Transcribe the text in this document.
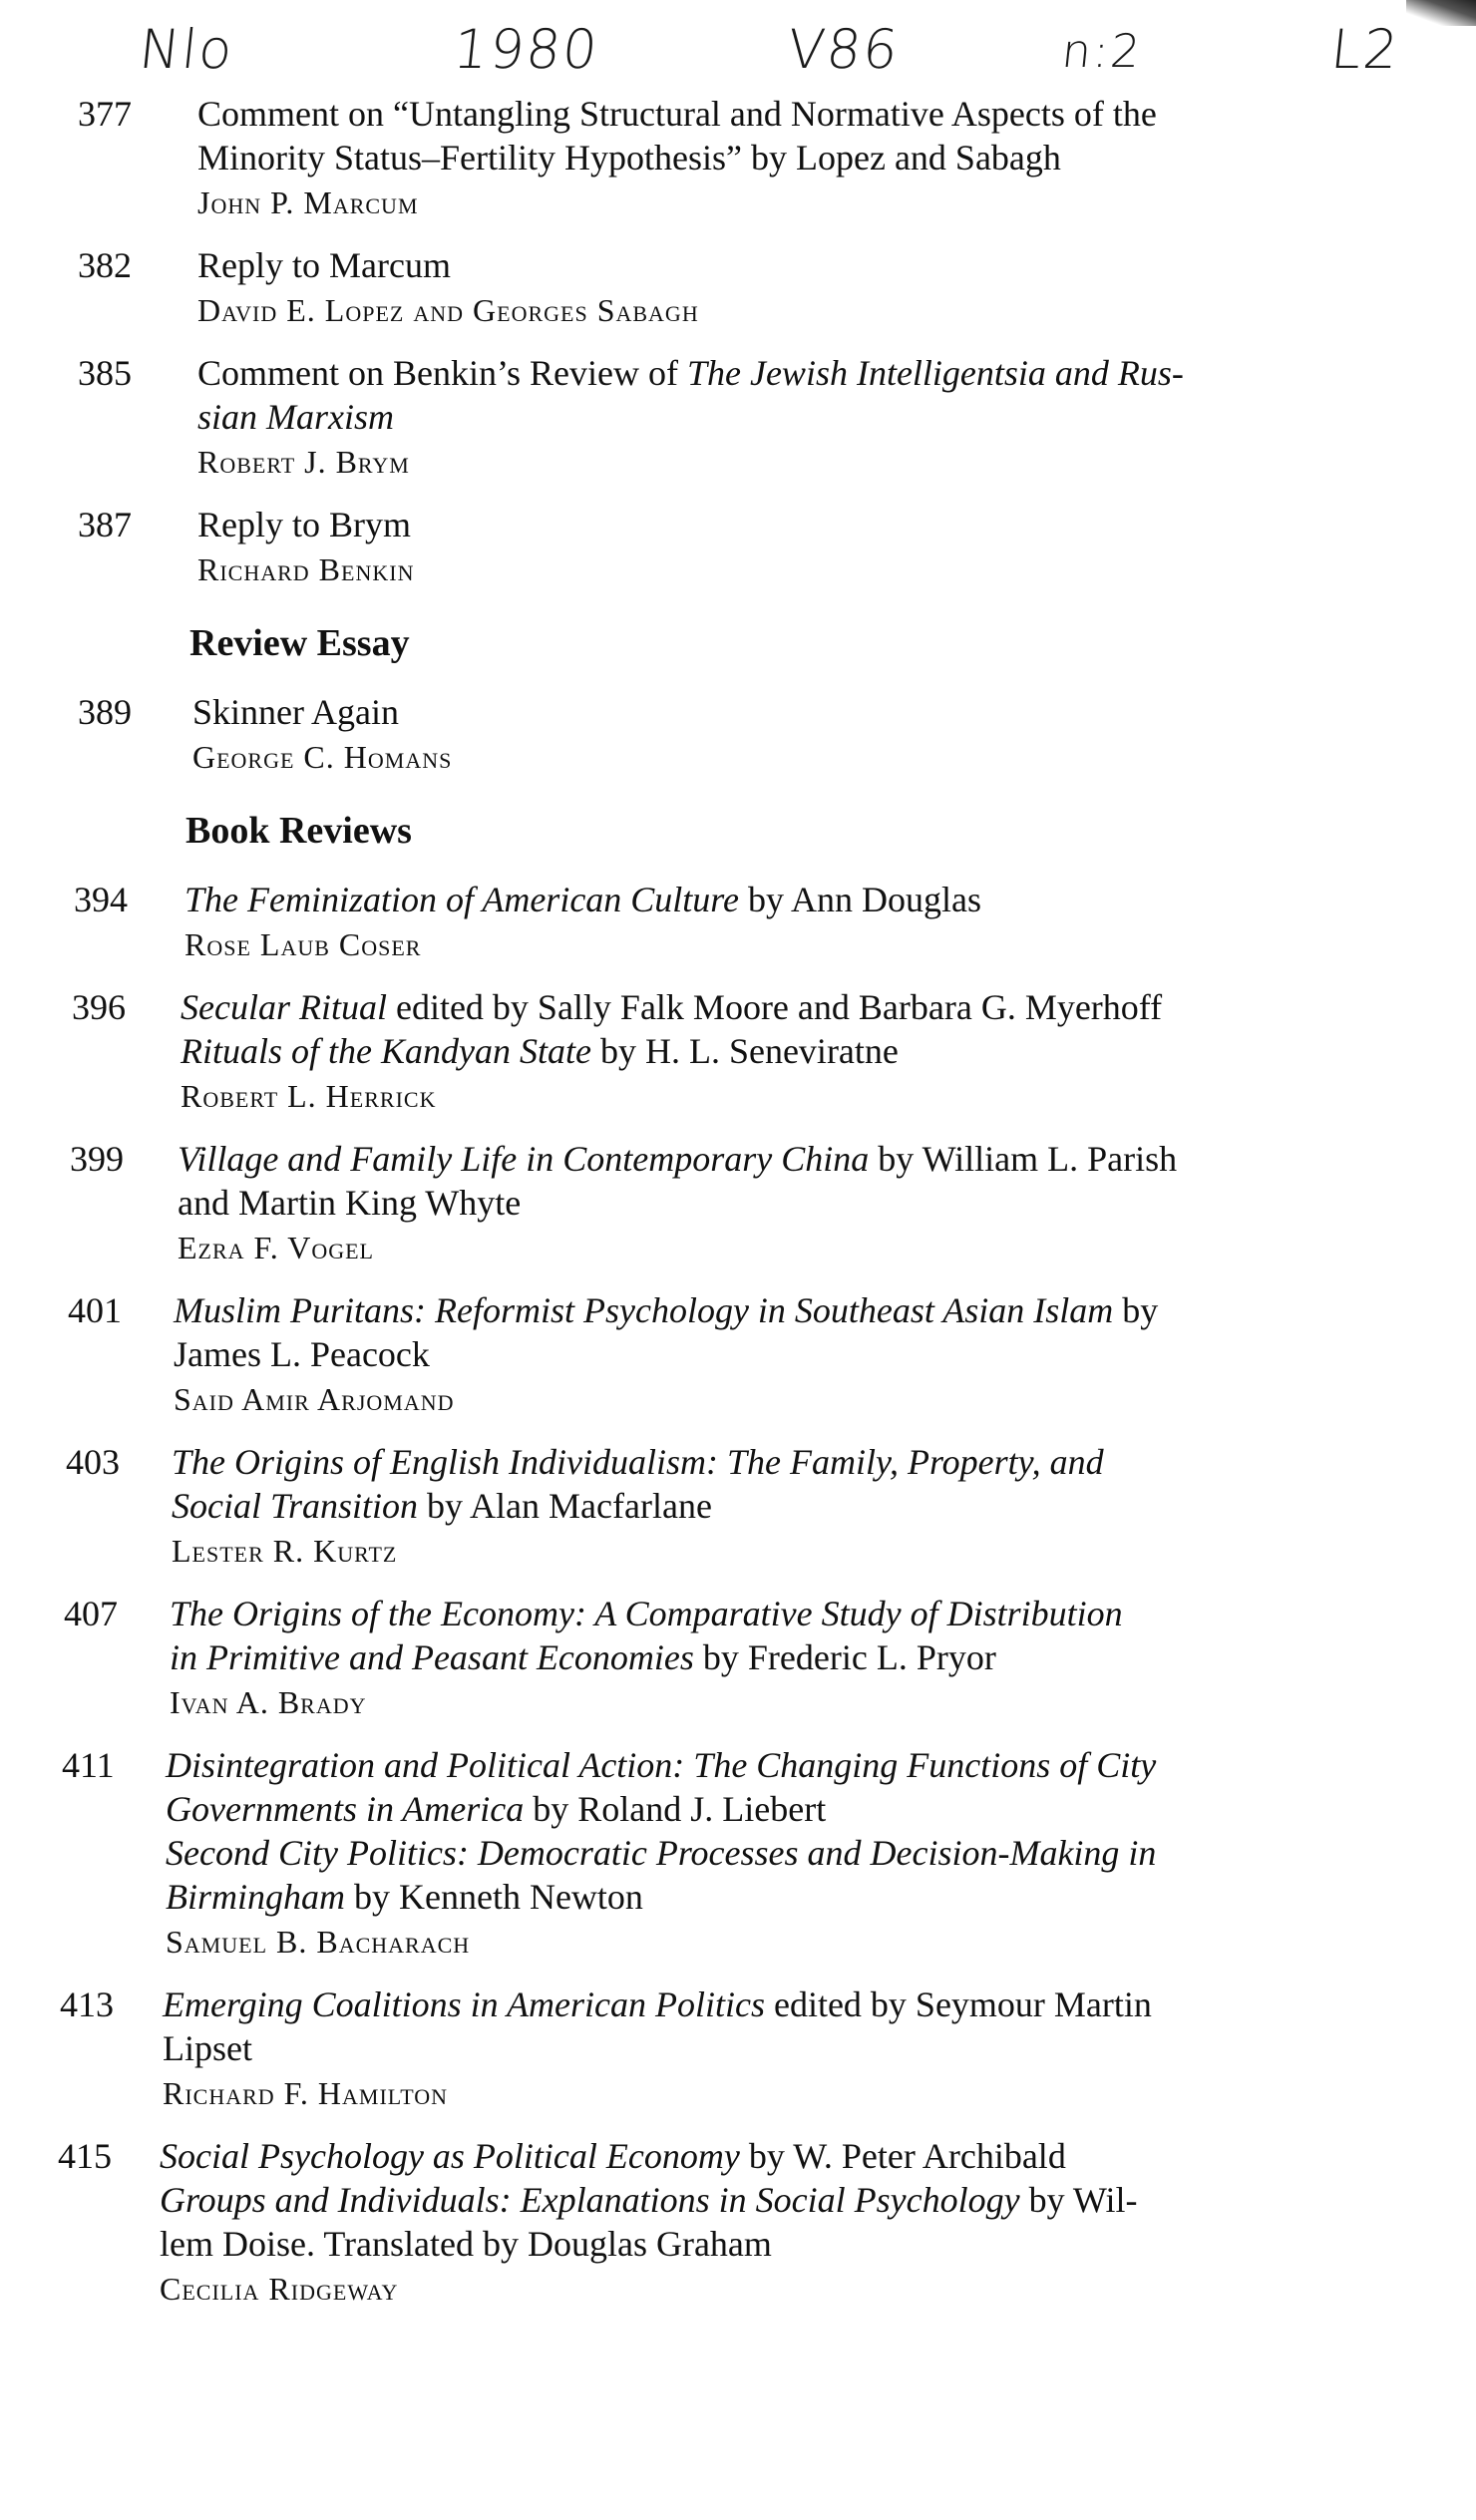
Nlo	1980	V86	n:2	L2
377 Comment on “Untangling Structural and Normative Aspects of the
Minority Status–Fertility Hypothesis” by Lopez and Sabagh
John P. Marcum
382 Reply to Marcum
David E. Lopez and Georges Sabagh
385 Comment on Benkin’s Review of The Jewish Intelligentsia and Rus-
sian Marxism
Robert J. Brym
387 Reply to Brym
Richard Benkin
Review Essay
389 Skinner Again
George C. Homans
Book Reviews
394 The Feminization of American Culture by Ann Douglas
Rose Laub Coser
396 Secular Ritual edited by Sally Falk Moore and Barbara G. Myerhoff
Rituals of the Kandyan State by H. L. Seneviratne
Robert L. Herrick
399 Village and Family Life in Contemporary China by William L. Parish
and Martin King Whyte
Ezra F. Vogel
401 Muslim Puritans: Reformist Psychology in Southeast Asian Islam by
James L. Peacock
Said Amir Arjomand
403 The Origins of English Individualism: The Family, Property, and
Social Transition by Alan Macfarlane
Lester R. Kurtz
407 The Origins of the Economy: A Comparative Study of Distribution
in Primitive and Peasant Economies by Frederic L. Pryor
Ivan A. Brady
411 Disintegration and Political Action: The Changing Functions of City
Governments in America by Roland J. Liebert
Second City Politics: Democratic Processes and Decision-Making in
Birmingham by Kenneth Newton
Samuel B. Bacharach
413 Emerging Coalitions in American Politics edited by Seymour Martin
Lipset
Richard F. Hamilton
415 Social Psychology as Political Economy by W. Peter Archibald
Groups and Individuals: Explanations in Social Psychology by Wil-
lem Doise. Translated by Douglas Graham
Cecilia Ridgeway
